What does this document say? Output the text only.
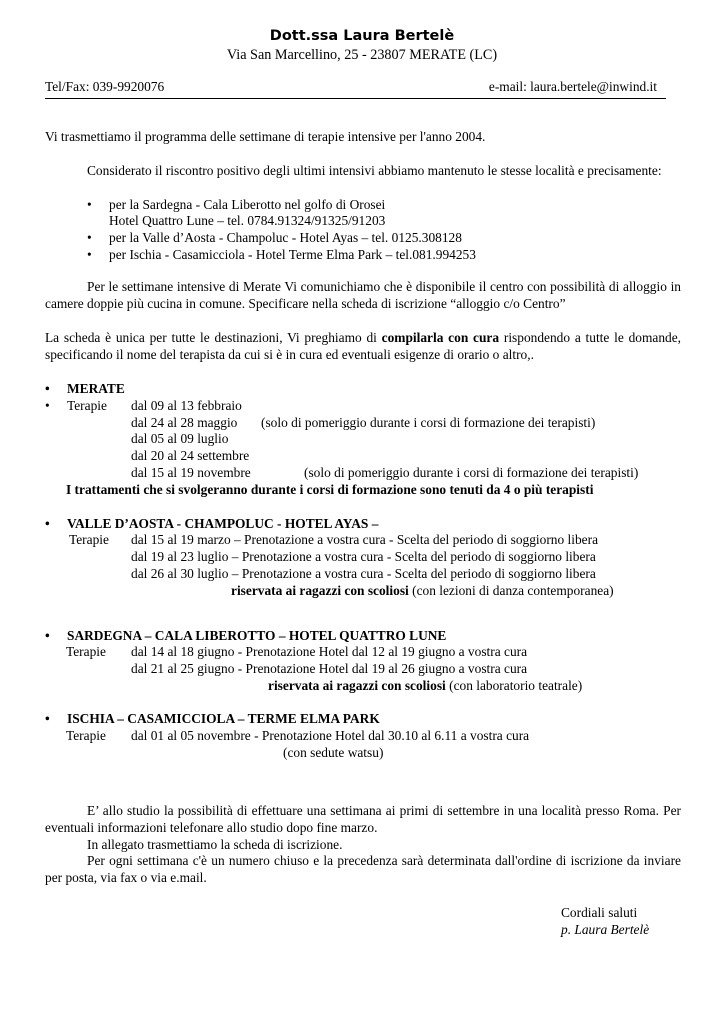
Dott.ssa Laura Bertelè
Via San Marcellino, 25 - 23807 MERATE (LC)
Tel/Fax: 039-9920076	e-mail: laura.bertele@inwind.it
Vi trasmettiamo il programma delle settimane di terapie intensive per l'anno 2004.
Considerato il riscontro positivo degli ultimi intensivi abbiamo mantenuto le stesse località e precisamente:
• per la Sardegna - Cala Liberotto nel golfo di Orosei
Hotel Quattro Lune – tel. 0784.91324/91325/91203
• per la Valle d’Aosta - Champoluc - Hotel Ayas – tel. 0125.308128
• per Ischia - Casamicciola - Hotel Terme Elma Park – tel.081.994253
Per le settimane intensive di Merate Vi comunichiamo che è disponibile il centro con possibilità di alloggio in camere doppie più cucina in comune. Specificare nella scheda di iscrizione “alloggio c/o Centro”
La scheda è unica per tutte le destinazioni, Vi preghiamo di compilarla con cura rispondendo a tutte le domande, specificando il nome del terapista da cui si è in cura ed eventuali esigenze di orario o altro,.
• MERATE
• Terapie dal 09 al 13 febbraio
dal 24 al 28 maggio (solo di pomeriggio durante i corsi di formazione dei terapisti)
dal 05 al 09 luglio
dal 20 al 24 settembre
dal 15 al 19 novembre	(solo di pomeriggio durante i corsi di formazione dei terapisti)
I trattamenti che si svolgeranno durante i corsi di formazione sono tenuti da 4 o più terapisti
• VALLE D’AOSTA - CHAMPOLUC - HOTEL AYAS –
Terapie dal 15 al 19 marzo – Prenotazione a vostra cura - Scelta del periodo di soggiorno libera
dal 19 al 23 luglio – Prenotazione a vostra cura - Scelta del periodo di soggiorno libera
dal 26 al 30 luglio – Prenotazione a vostra cura - Scelta del periodo di soggiorno libera
riservata ai ragazzi con scoliosi (con lezioni di danza contemporanea)
• SARDEGNA – CALA LIBEROTTO – HOTEL QUATTRO LUNE
Terapie dal 14 al 18 giugno - Prenotazione Hotel dal 12 al 19 giugno a vostra cura
dal 21 al 25 giugno - Prenotazione Hotel dal 19 al 26 giugno a vostra cura
riservata ai ragazzi con scoliosi (con laboratorio teatrale)
• ISCHIA – CASAMICCIOLA – TERME ELMA PARK
Terapie dal 01 al 05 novembre - Prenotazione Hotel dal 30.10 al 6.11 a vostra cura
(con sedute watsu)
E’ allo studio la possibilità di effettuare una settimana ai primi di settembre in una località presso Roma. Per eventuali informazioni telefonare allo studio dopo fine marzo.
In allegato trasmettiamo la scheda di iscrizione.
Per ogni settimana c'è un numero chiuso e la precedenza sarà determinata dall'ordine di iscrizione da inviare per posta, via fax o via e.mail.
Cordiali saluti
p. Laura Bertelè
